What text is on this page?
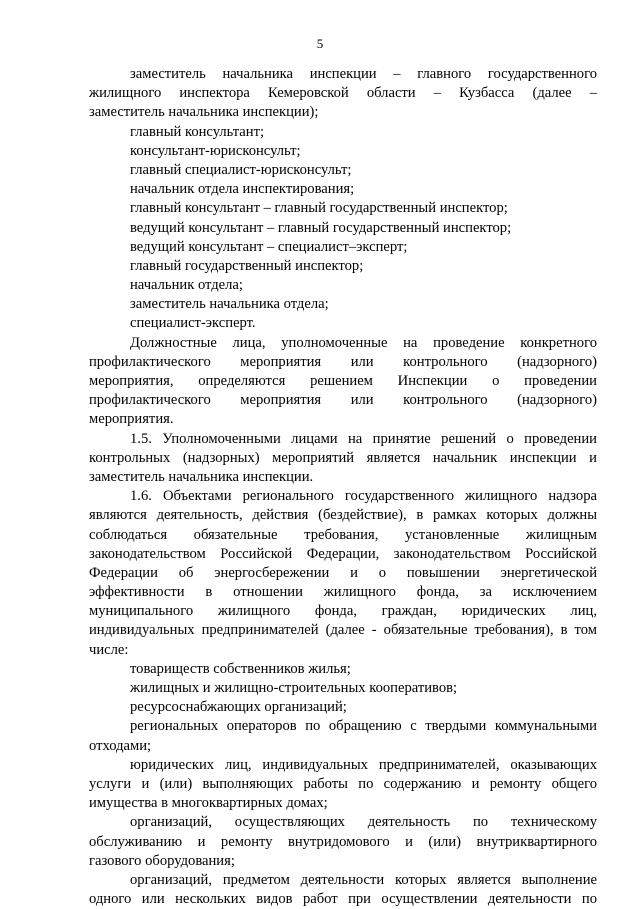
5
заместитель начальника инспекции – главного государственного
жилищного инспектора Кемеровской области – Кузбасса (далее –
заместитель начальника инспекции);
главный консультант;
консультант-юрисконсульт;
главный специалист-юрисконсульт;
начальник отдела инспектирования;
главный консультант – главный государственный инспектор;
ведущий консультант – главный государственный инспектор;
ведущий консультант – специалист–эксперт;
главный государственный инспектор;
начальник отдела;
заместитель начальника отдела;
специалист-эксперт.
Должностные лица, уполномоченные на проведение конкретного
профилактического мероприятия или контрольного (надзорного)
мероприятия, определяются решением Инспекции о проведении
профилактического мероприятия или контрольного (надзорного)
мероприятия.
1.5. Уполномоченными лицами на принятие решений о проведении
контрольных (надзорных) мероприятий является начальник инспекции и
заместитель начальника инспекции.
1.6. Объектами регионального государственного жилищного надзора
являются деятельность, действия (бездействие), в рамках которых должны
соблюдаться обязательные требования, установленные жилищным
законодательством Российской Федерации, законодательством Российской
Федерации об энергосбережении и о повышении энергетической
эффективности в отношении жилищного фонда, за исключением
муниципального жилищного фонда, граждан, юридических лиц,
индивидуальных предпринимателей (далее - обязательные требования), в том
числе:
товариществ собственников жилья;
жилищных и жилищно-строительных кооперативов;
ресурсоснабжающих организаций;
региональных операторов по обращению с твердыми коммунальными
отходами;
юридических лиц, индивидуальных предпринимателей, оказывающих
услуги и (или) выполняющих работы по содержанию и ремонту общего
имущества в многоквартирных домах;
организаций, осуществляющих деятельность по техническому
обслуживанию и ремонту внутридомового и (или) внутриквартирного
газового оборудования;
организаций, предметом деятельности которых является выполнение
одного или нескольких видов работ при осуществлении деятельности по
